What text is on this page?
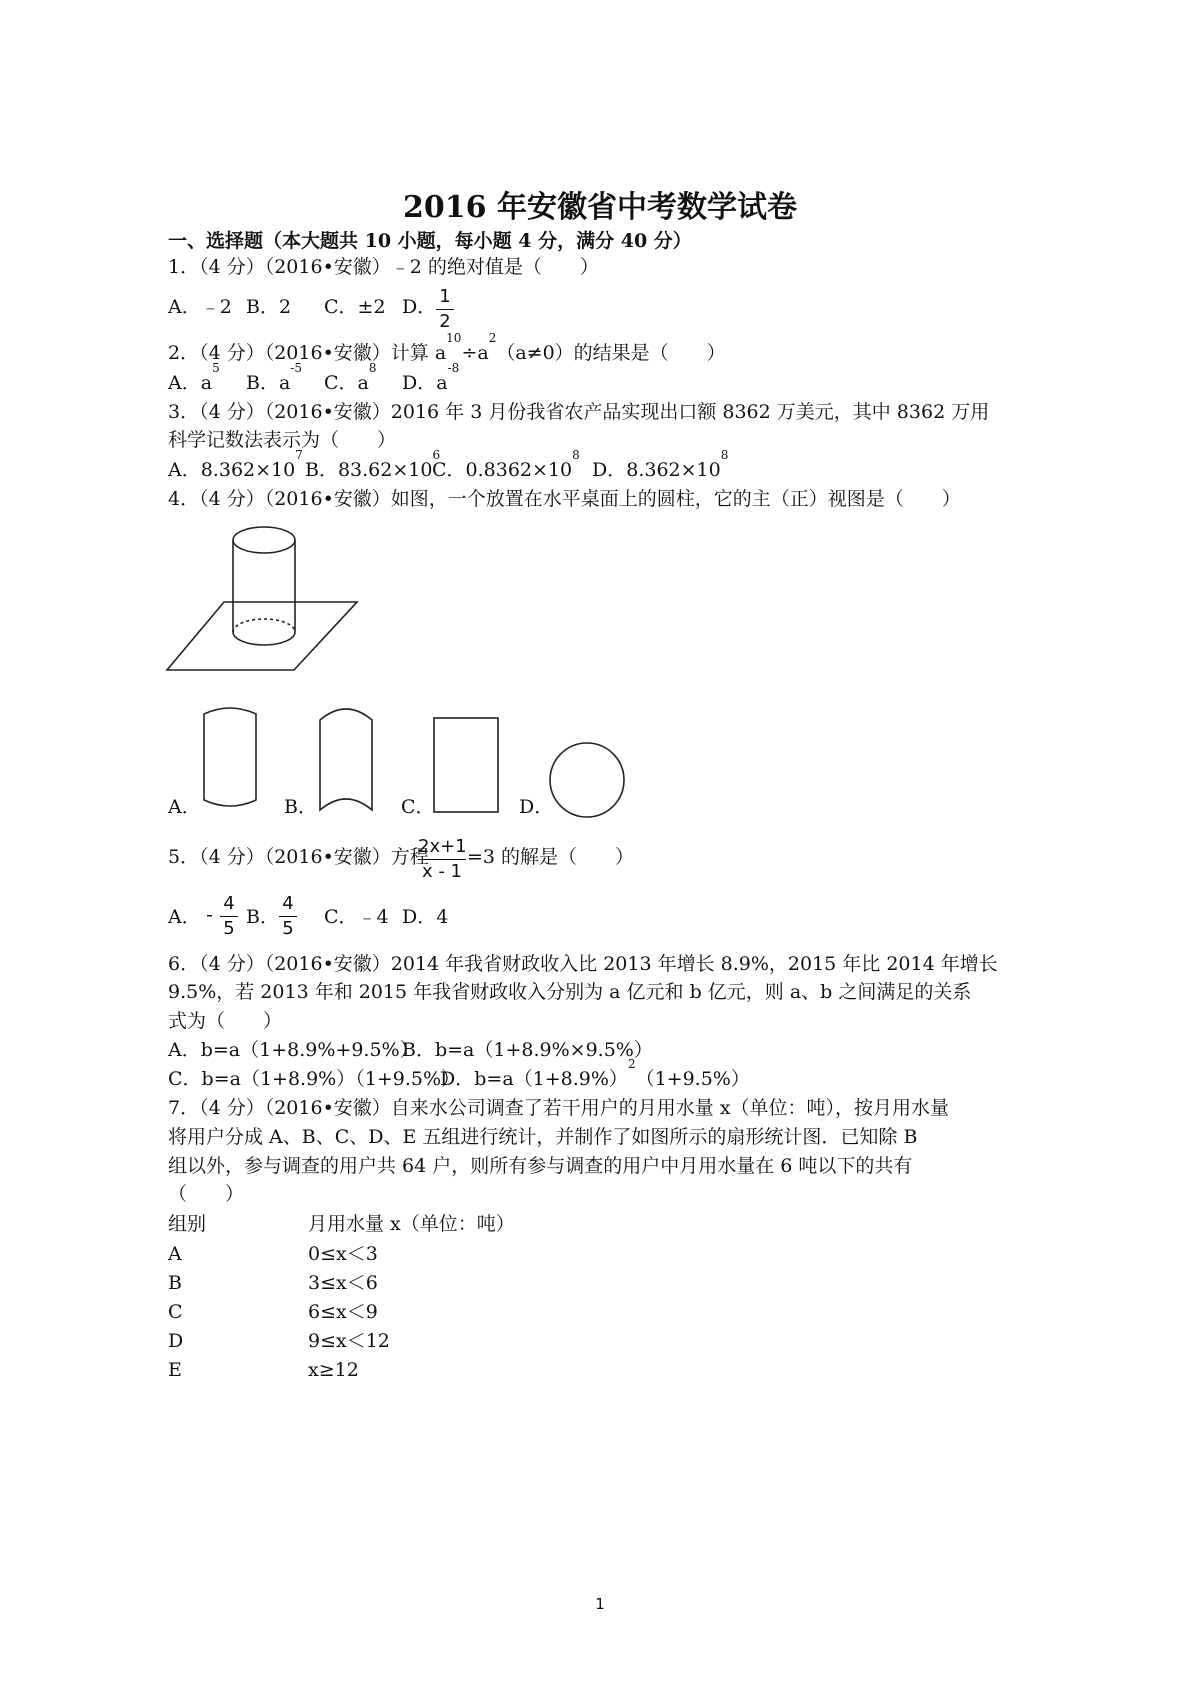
2016 年安徽省中考数学试卷
一、选择题（本大题共 10 小题，每小题 4 分，满分 40 分）
1．（4 分）（2016•安徽）﹣2 的绝对值是（　　）
A．﹣2 B．2 C．±2 D． 1
2
2．（4 分）（2016•安徽）计算 $a^{10}\div a^2(a\ne 0)$的结果是（　　）
A．$a^5$
B．$a^{-5}$
C．$a^8$
D．$a^{-8}$
3．（4 分）（2016•安徽）2016 年 3 月份我省农产品实现出口额 8362 万美元，其中 8362 万用
科学记数法表示为（　　）
A．$8.362\times 10^7$
B．$83.62\times 10^6$
C．$0.8362\times 10^8$
D．$8.362\times 10^8$
4．（4 分）（2016•安徽）如图，一个放置在水平桌面上的圆柱，它的主（正）视图是（　　）
A．	B．	C．	D．
5．（4 分）（2016•安徽）方程
2x+1
x - 1
=3 的解是（　　）
A． -
4
5
B．
4
5
C．﹣4 D．4
6．（4 分）（2016•安徽）2014 年我省财政收入比 2013 年增长 8.9%，2015 年比 2014 年增长
9.5%，若 2013 年和 2015 年我省财政收入分别为 a 亿元和 b 亿元，则 a、b 之间满足的关系
式为（　　）
A．b=a（1+8.9%+9.5%）
B．b=a（1+8.9%×9.5%）
C．b=a（1+8.9%）（1+9.5%）
D．$b=a(1+8.9\%)^2(1+9.5\%)$
7．（4 分）（2016•安徽）自来水公司调查了若干用户的月用水量 x（单位：吨），按月用水量
将用户分成 A、B、C、D、E 五组进行统计，并制作了如图所示的扇形统计图．已知除 B
组以外，参与调查的用户共 64 户，则所有参与调查的用户中月用水量在 6 吨以下的共有
（　　）
组别	月用水量 x（单位：吨）
A	0≤x＜3
B	3≤x＜6
C	6≤x＜9
D	9≤x＜12
E	x≥12
1
